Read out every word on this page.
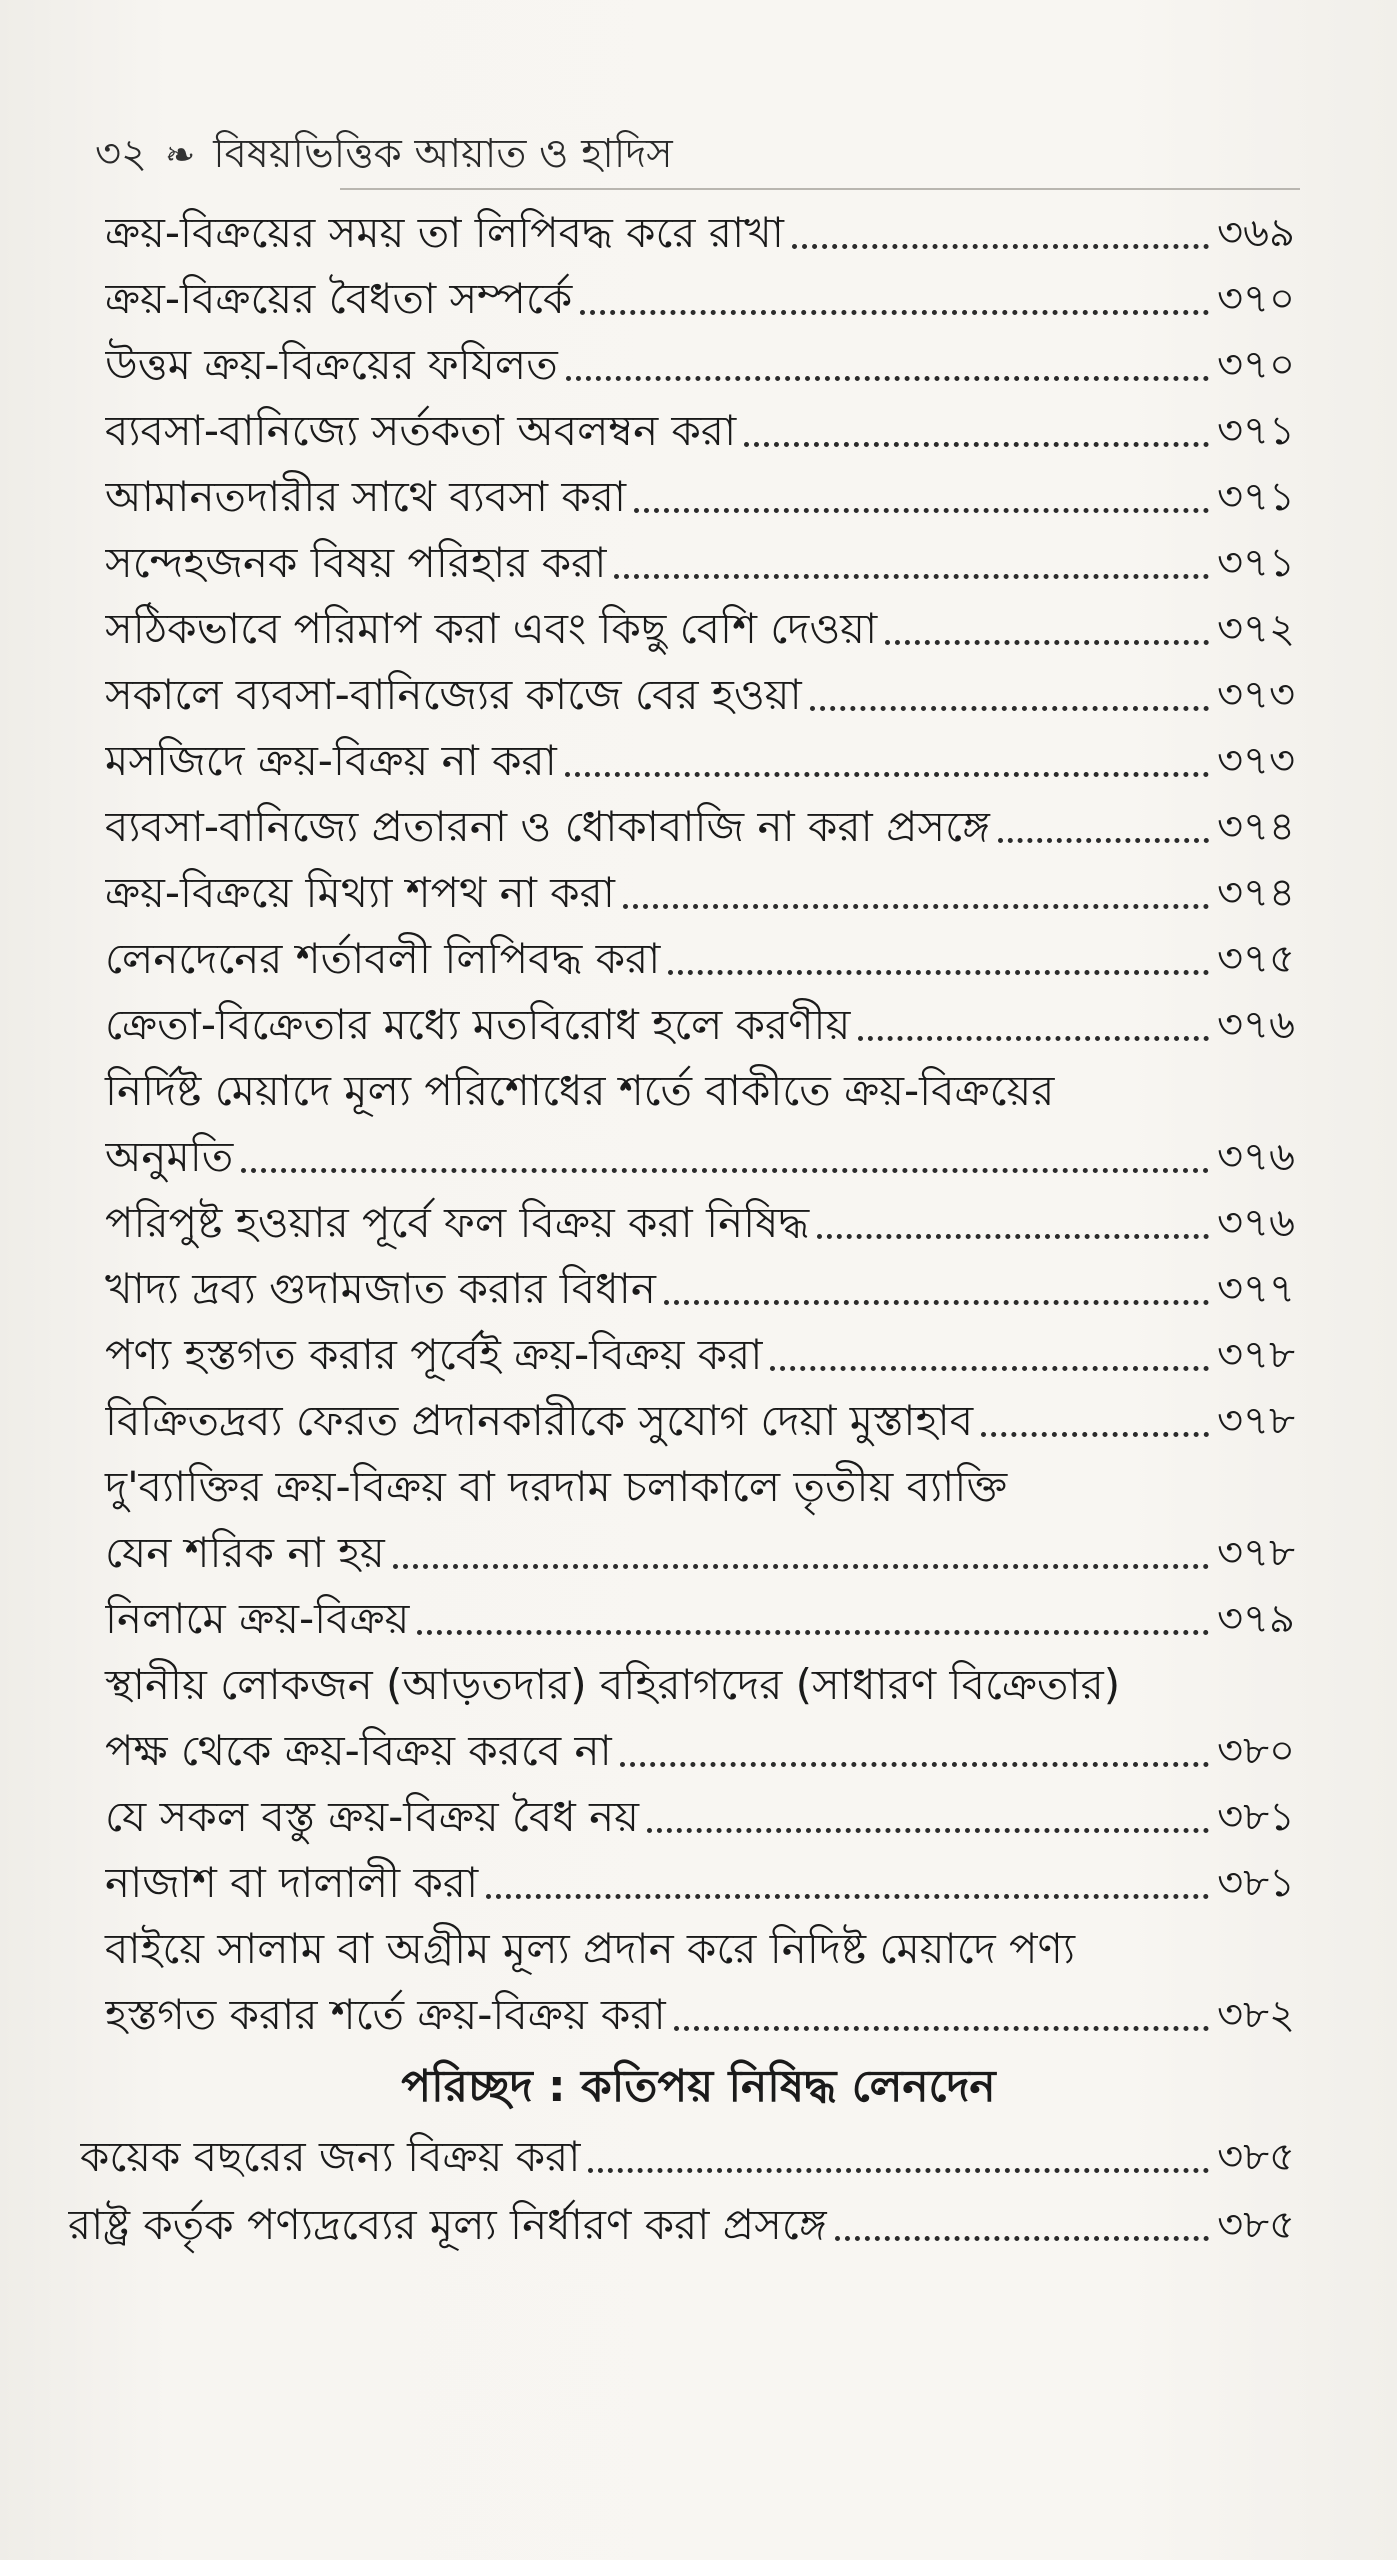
৩২ ❧ বিষয়ভিত্তিক আয়াত ও হাদিস
ক্রয়-বিক্রয়ের সময় তা লিপিবদ্ধ করে রাখা	৩৬৯
ক্রয়-বিক্রয়ের বৈধতা সম্পর্কে	৩৭০
উত্তম ক্রয়-বিক্রয়ের ফযিলত	৩৭০
ব্যবসা-বানিজ্যে সর্তকতা অবলম্বন করা	৩৭১
আমানতদারীর সাথে ব্যবসা করা	৩৭১
সন্দেহজনক বিষয় পরিহার করা	৩৭১
সঠিকভাবে পরিমাপ করা এবং কিছু বেশি দেওয়া	৩৭২
সকালে ব্যবসা-বানিজ্যের কাজে বের হওয়া	৩৭৩
মসজিদে ক্রয়-বিক্রয় না করা	৩৭৩
ব্যবসা-বানিজ্যে প্রতারনা ও ধোকাবাজি না করা প্রসঙ্গে	৩৭৪
ক্রয়-বিক্রয়ে মিথ্যা শপথ না করা	৩৭৪
লেনদেনের শর্তাবলী লিপিবদ্ধ করা	৩৭৫
ক্রেতা-বিক্রেতার মধ্যে মতবিরোধ হলে করণীয়	৩৭৬
নির্দিষ্ট মেয়াদে মূল্য পরিশোধের শর্তে বাকীতে ক্রয়-বিক্রয়ের
অনুমতি	৩৭৬
পরিপুষ্ট হওয়ার পূর্বে ফল বিক্রয় করা নিষিদ্ধ	৩৭৬
খাদ্য দ্রব্য গুদামজাত করার বিধান	৩৭৭
পণ্য হস্তগত করার পূর্বেই ক্রয়-বিক্রয় করা	৩৭৮
বিক্রিতদ্রব্য ফেরত প্রদানকারীকে সুযোগ দেয়া মুস্তাহাব	৩৭৮
দু'ব্যাক্তির ক্রয়-বিক্রয় বা দরদাম চলাকালে তৃতীয় ব্যাক্তি
যেন শরিক না হয়	৩৭৮
নিলামে ক্রয়-বিক্রয়	৩৭৯
স্থানীয় লোকজন (আড়তদার) বহিরাগদের (সাধারণ বিক্রেতার)
পক্ষ থেকে ক্রয়-বিক্রয় করবে না	৩৮০
যে সকল বস্তু ক্রয়-বিক্রয় বৈধ নয়	৩৮১
নাজাশ বা দালালী করা	৩৮১
বাইয়ে সালাম বা অগ্রীম মূল্য প্রদান করে নিদিষ্ট মেয়াদে পণ্য
হস্তগত করার শর্তে ক্রয়-বিক্রয় করা	৩৮২
পরিচ্ছদ : কতিপয় নিষিদ্ধ লেনদেন
কয়েক বছরের জন্য বিক্রয় করা	৩৮৫
রাষ্ট্র কর্তৃক পণ্যদ্রব্যের মূল্য নির্ধারণ করা প্রসঙ্গে	৩৮৫
